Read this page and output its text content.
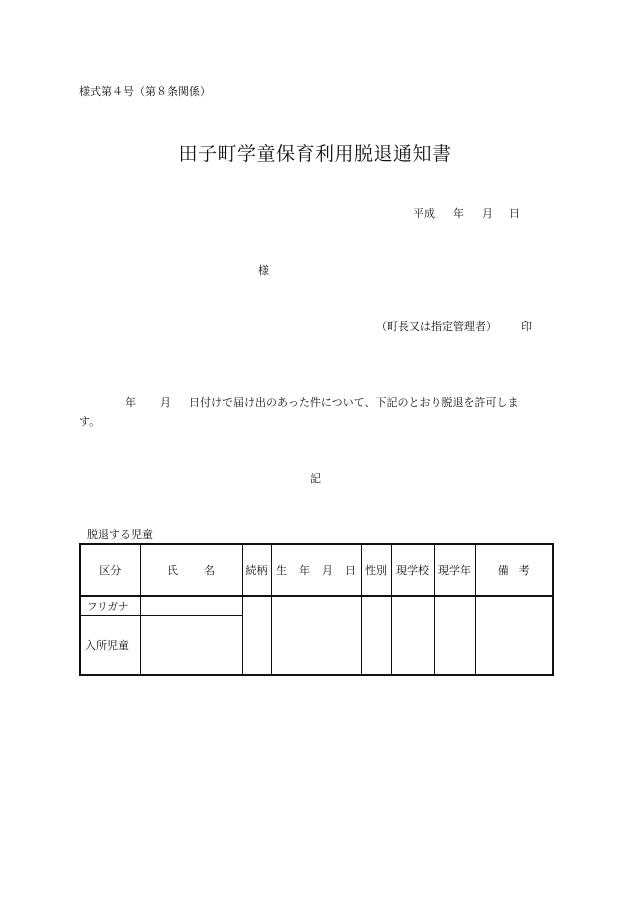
様式第４号（第８条関係）
田子町学童保育利用脱退通知書
平成 年 月 日
様
（町長又は指定管理者） 印
年 月 日付けで届け出のあった件について、下記のとおり脱退を許可しま
す。
記
脱退する児童
区分	氏 名	続柄	生 年 月 日	性別	現学校	現学年	備 考
フリガナ							
入所児童							
